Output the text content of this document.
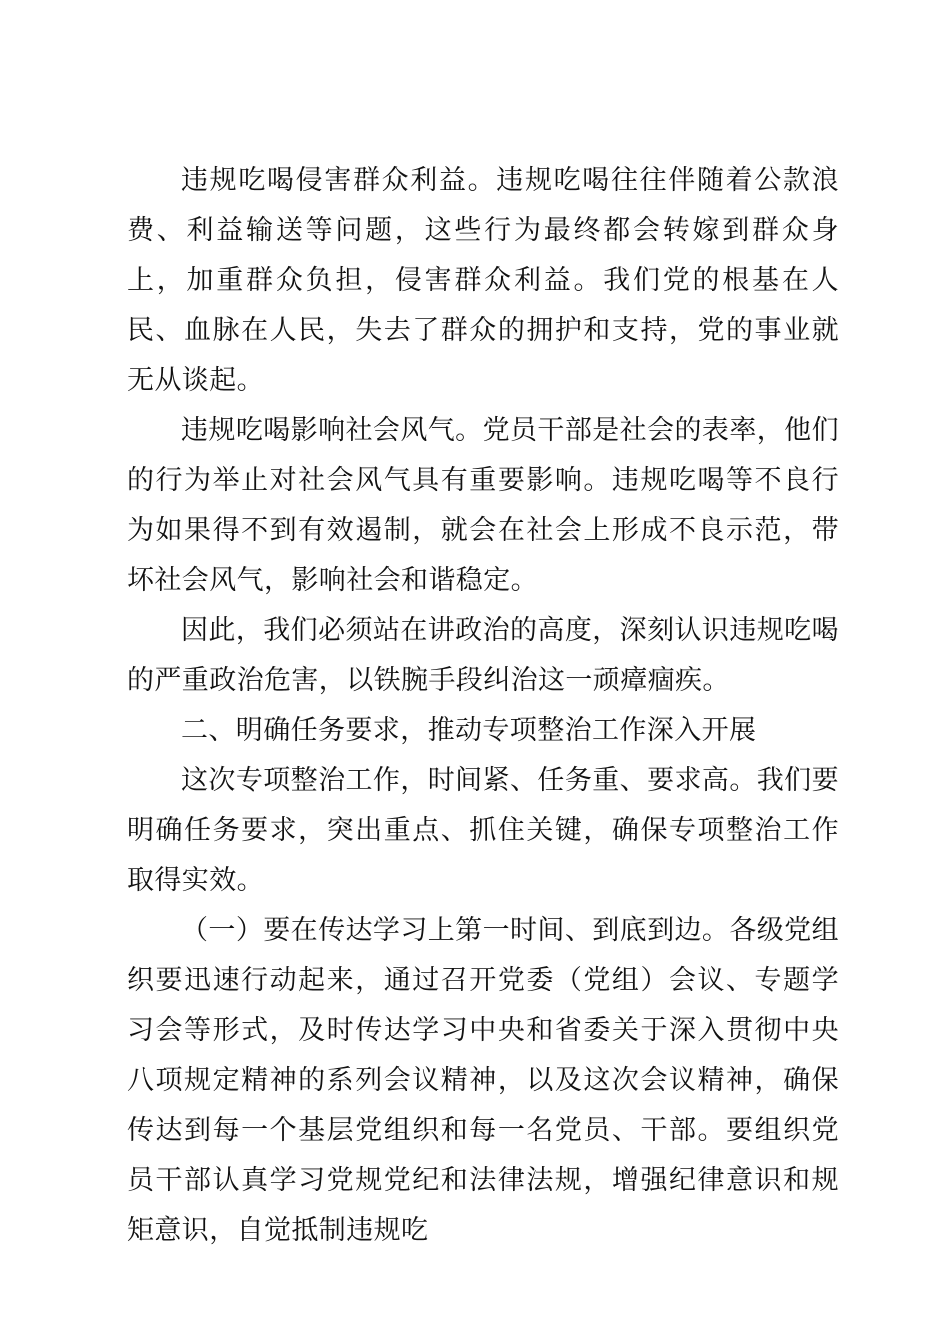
违规吃喝侵害群众利益。违规吃喝往往伴随着公款浪费、利益输送等问题，这些行为最终都会转嫁到群众身上，加重群众负担，侵害群众利益。我们党的根基在人民、血脉在人民，失去了群众的拥护和支持，党的事业就无从谈起。

违规吃喝影响社会风气。党员干部是社会的表率，他们的行为举止对社会风气具有重要影响。违规吃喝等不良行为如果得不到有效遏制，就会在社会上形成不良示范，带坏社会风气，影响社会和谐稳定。

因此，我们必须站在讲政治的高度，深刻认识违规吃喝的严重政治危害，以铁腕手段纠治这一顽瘴痼疾。

二、明确任务要求，推动专项整治工作深入开展

这次专项整治工作，时间紧、任务重、要求高。我们要明确任务要求，突出重点、抓住关键，确保专项整治工作取得实效。

（一）要在传达学习上第一时间、到底到边。各级党组织要迅速行动起来，通过召开党委（党组）会议、专题学习会等形式，及时传达学习中央和省委关于深入贯彻中央八项规定精神的系列会议精神，以及这次会议精神，确保传达到每一个基层党组织和每一名党员、干部。要组织党员干部认真学习党规党纪和法律法规，增强纪律意识和规矩意识，自觉抵制违规吃
